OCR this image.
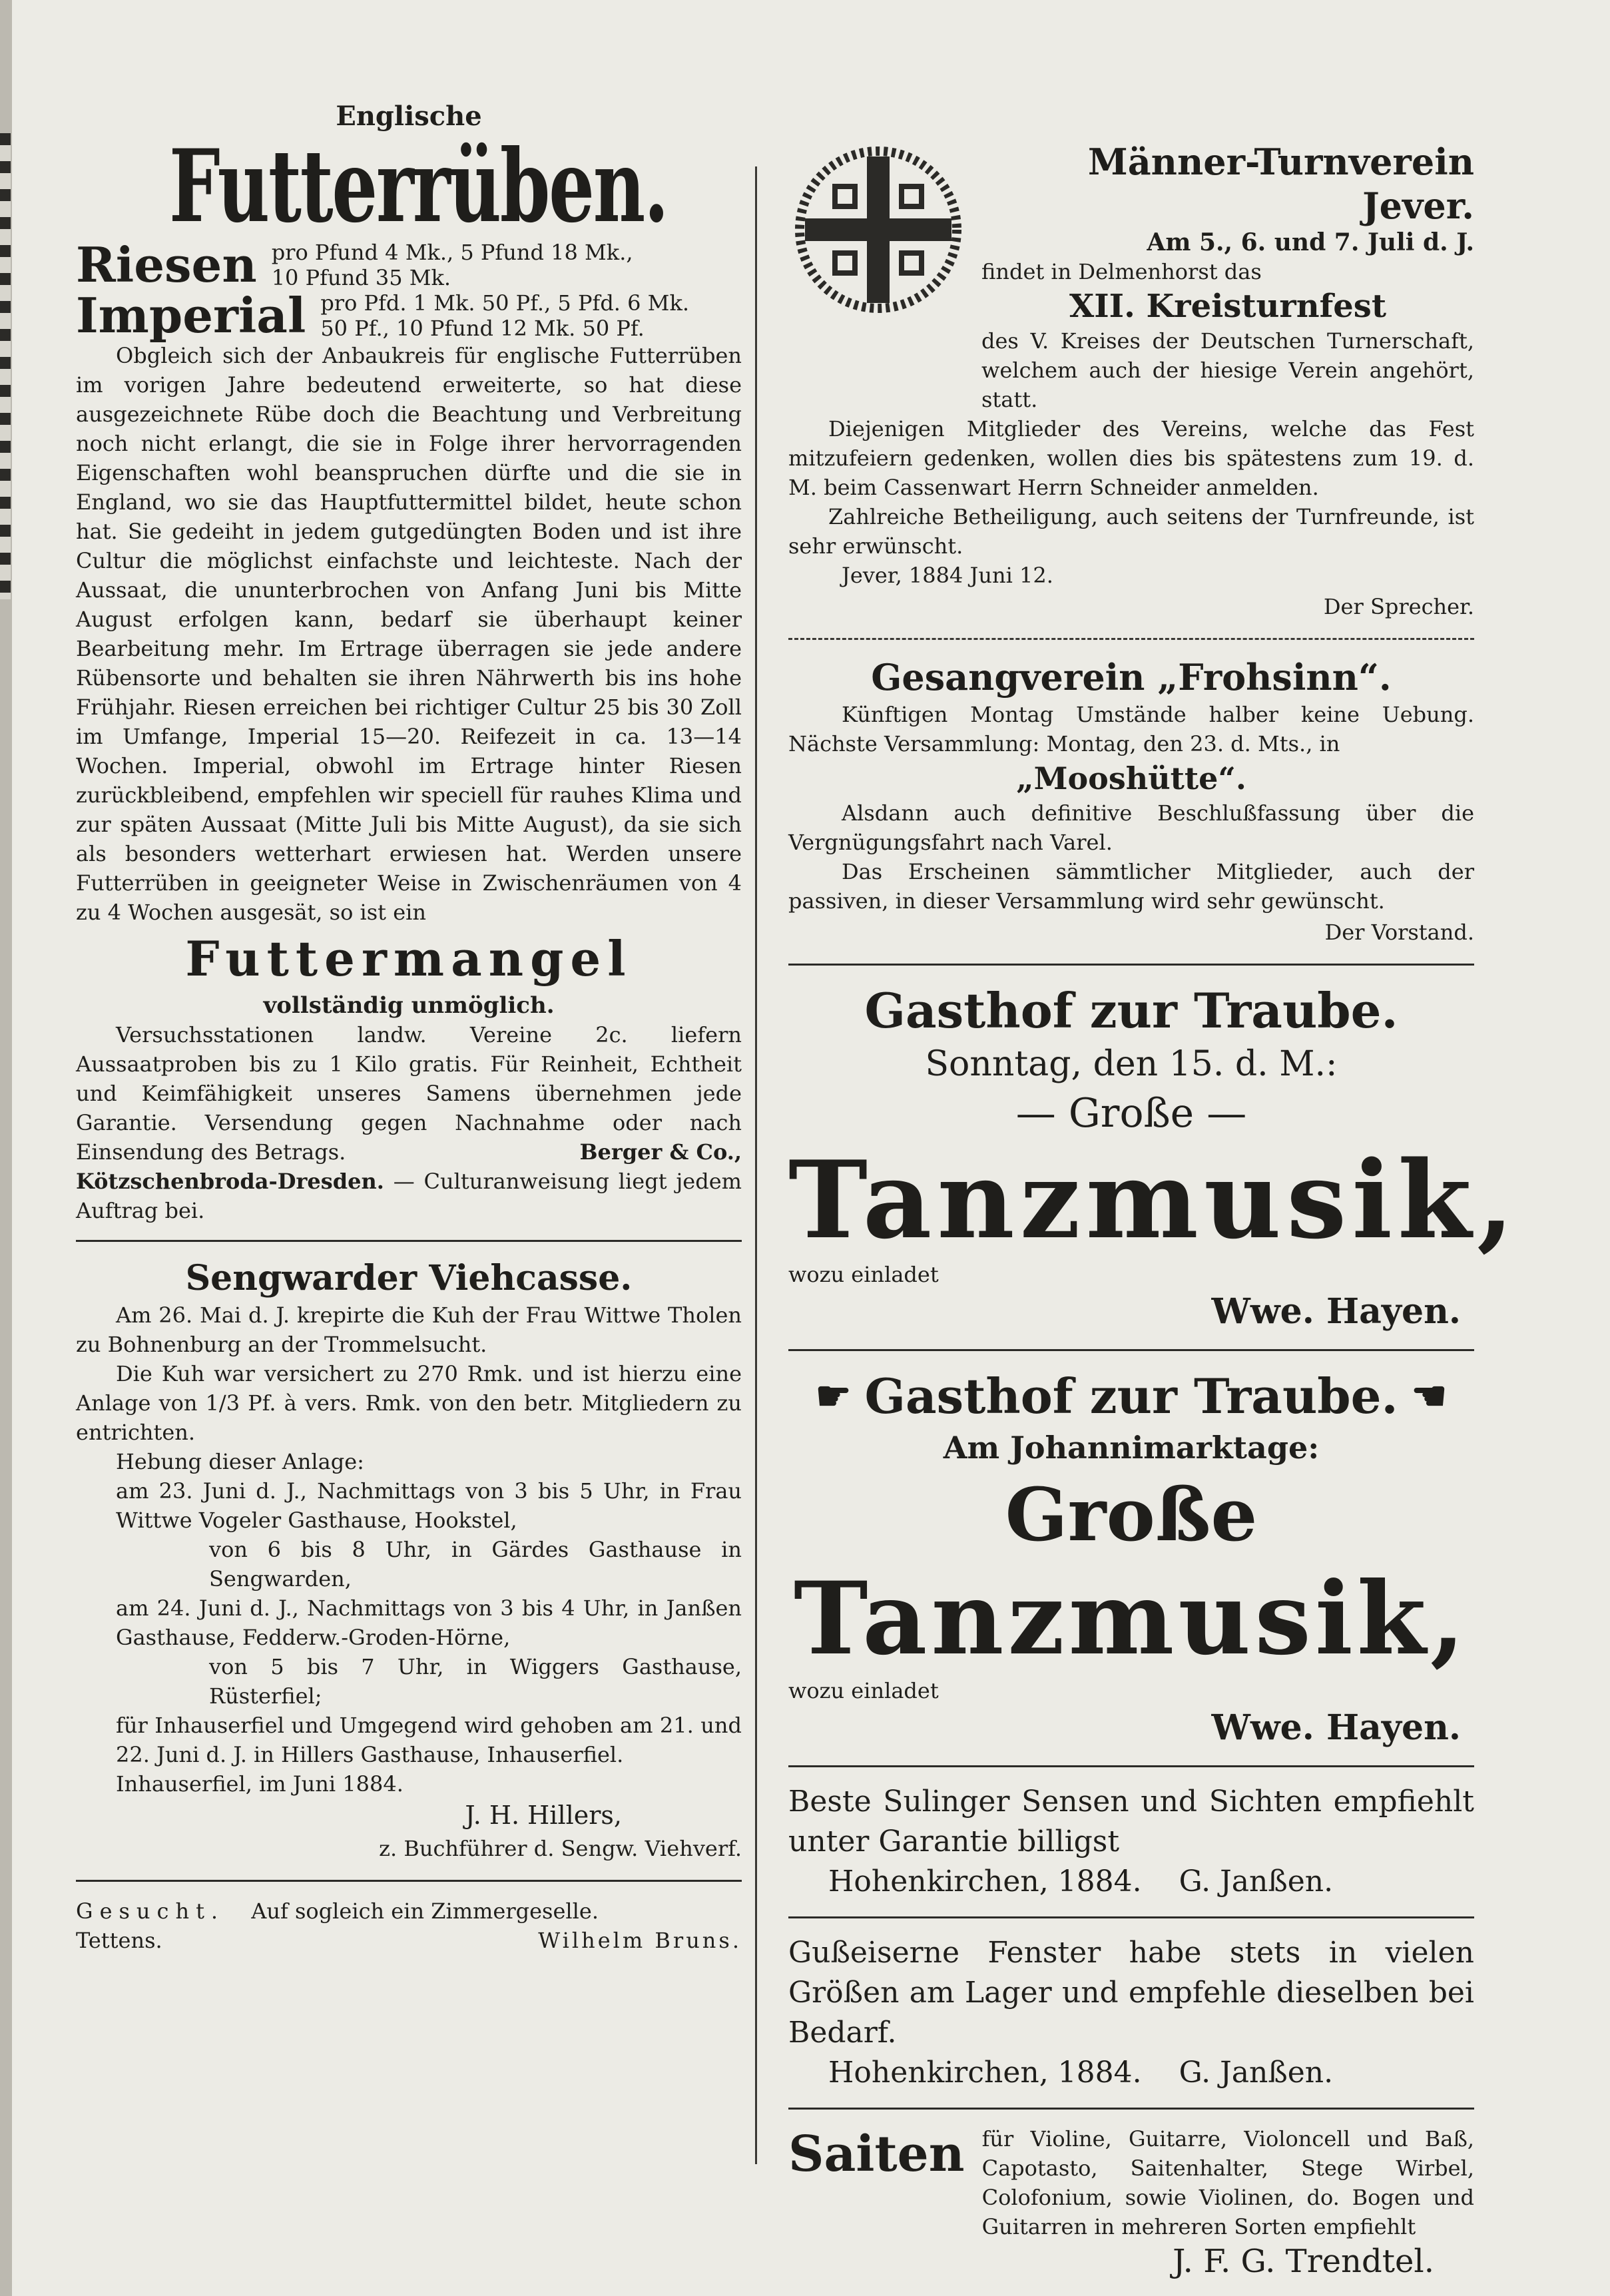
Englische
Futterrüben.
Riesen pro Pfund 4 Mk., 5 Pfund 18 Mk.,
10 Pfund 35 Mk.
Imperial pro Pfd. 1 Mk. 50 Pf., 5 Pfd. 6 Mk.
50 Pf., 10 Pfund 12 Mk. 50 Pf.

Obgleich sich der Anbaukreis für englische Futterrüben im vorigen Jahre bedeutend erweiterte, so hat diese ausgezeichnete Rübe doch die Beachtung und Verbreitung noch nicht erlangt, die sie in Folge ihrer hervorragenden Eigenschaften wohl beanspruchen dürfte und die sie in England, wo sie das Hauptfuttermittel bildet, heute schon hat. Sie gedeiht in jedem gutgedüngten Boden und ist ihre Cultur die möglichst einfachste und leichteste. Nach der Aussaat, die ununterbrochen von Anfang Juni bis Mitte August erfolgen kann, bedarf sie überhaupt keiner Bearbeitung mehr. Im Ertrage überragen sie jede andere Rübensorte und behalten sie ihren Nährwerth bis ins hohe Frühjahr. Riesen erreichen bei richtiger Cultur 25 bis 30 Zoll im Umfange, Imperial 15—20. Reifezeit in ca. 13—14 Wochen. Imperial, obwohl im Ertrage hinter Riesen zurückbleibend, empfehlen wir speciell für rauhes Klima und zur späten Aussaat (Mitte Juli bis Mitte August), da sie sich als besonders wetterhart erwiesen hat. Werden unsere Futterrüben in geeigneter Weise in Zwischenräumen von 4 zu 4 Wochen ausgesät, so ist ein

Futtermangel
vollständig unmöglich.

Versuchsstationen landw. Vereine 2c. liefern Aussaatproben bis zu 1 Kilo gratis. Für Reinheit, Echtheit und Keimfähigkeit unseres Samens übernehmen jede Garantie. Versendung gegen Nachnahme oder nach Einsendung des Betrags.	Berger & Co.,

Kötzschenbroda-Dresden. — Culturanweisung liegt jedem Auftrag bei.

Sengwarder Viehcasse.

Am 26. Mai d. J. krepirte die Kuh der Frau Wittwe Tholen zu Bohnenburg an der Trommelsucht.

Die Kuh war versichert zu 270 Rmk. und ist hierzu eine Anlage von 1/3 Pf. à vers. Rmk. von den betr. Mitgliedern zu entrichten.

Hebung dieser Anlage:

am 23. Juni d. J., Nachmittags von 3 bis 5 Uhr, in Frau Wittwe Vogeler Gasthause, Hookstel,

von 6 bis 8 Uhr, in Gärdes Gasthause in Sengwarden,

am 24. Juni d. J., Nachmittags von 3 bis 4 Uhr, in Janßen Gasthause, Fedderw.-Groden-Hörne,

von 5 bis 7 Uhr, in Wiggers Gasthause, Rüsterfiel;

für Inhauserfiel und Umgegend wird gehoben am 21. und 22. Juni d. J. in Hillers Gasthause, Inhauserfiel.

Inhauserfiel, im Juni 1884.

J. H. Hillers,
z. Buchführer d. Sengw. Viehverf.

Gesucht. Auf sogleich ein Zimmergeselle.

Tettens.	Wilhelm Bruns.

Männer-Turnverein Jever.

Am 5., 6. und 7. Juli d. J.

findet in Delmenhorst das

XII. Kreisturnfest

des V. Kreises der Deutschen Turnerschaft, welchem auch der hiesige Verein angehört, statt.

Diejenigen Mitglieder des Vereins, welche das Fest mitzufeiern gedenken, wollen dies bis spätestens zum 19. d. M. beim Cassenwart Herrn Schneider anmelden.

Zahlreiche Betheiligung, auch seitens der Turnfreunde, ist sehr erwünscht.

Jever, 1884 Juni 12.

Der Sprecher.
Gesangverein „Frohsinn“.

Künftigen Montag Umstände halber keine Uebung. Nächste Versammlung: Montag, den 23. d. Mts., in

„Mooshütte“.

Alsdann auch definitive Beschlußfassung über die Vergnügungsfahrt nach Varel.

Das Erscheinen sämmtlicher Mitglieder, auch der passiven, in dieser Versammlung wird sehr gewünscht.

Der Vorstand.
Gasthof zur Traube.
Sonntag, den 15. d. M.:
— Große —
Tanzmusik,

wozu einladet

Wwe. Hayen.
☛ Gasthof zur Traube. ☚
Am Johannimarktage:
Große
Tanzmusik,

wozu einladet

Wwe. Hayen.

Beste Sulinger Sensen und Sichten empfiehlt unter Garantie billigst

Hohenkirchen, 1884.    G. Janßen.

Gußeiserne Fenster habe stets in vielen Größen am Lager und empfehle dieselben bei Bedarf.

Hohenkirchen, 1884.    G. Janßen.

Saiten für Violine, Guitarre, Violoncell und Baß, Capotasto, Saitenhalter, Stege Wirbel, Colofonium, sowie Violinen, do. Bogen und Guitarren in mehreren Sorten empfiehlt

J. F. G. Trendtel.
